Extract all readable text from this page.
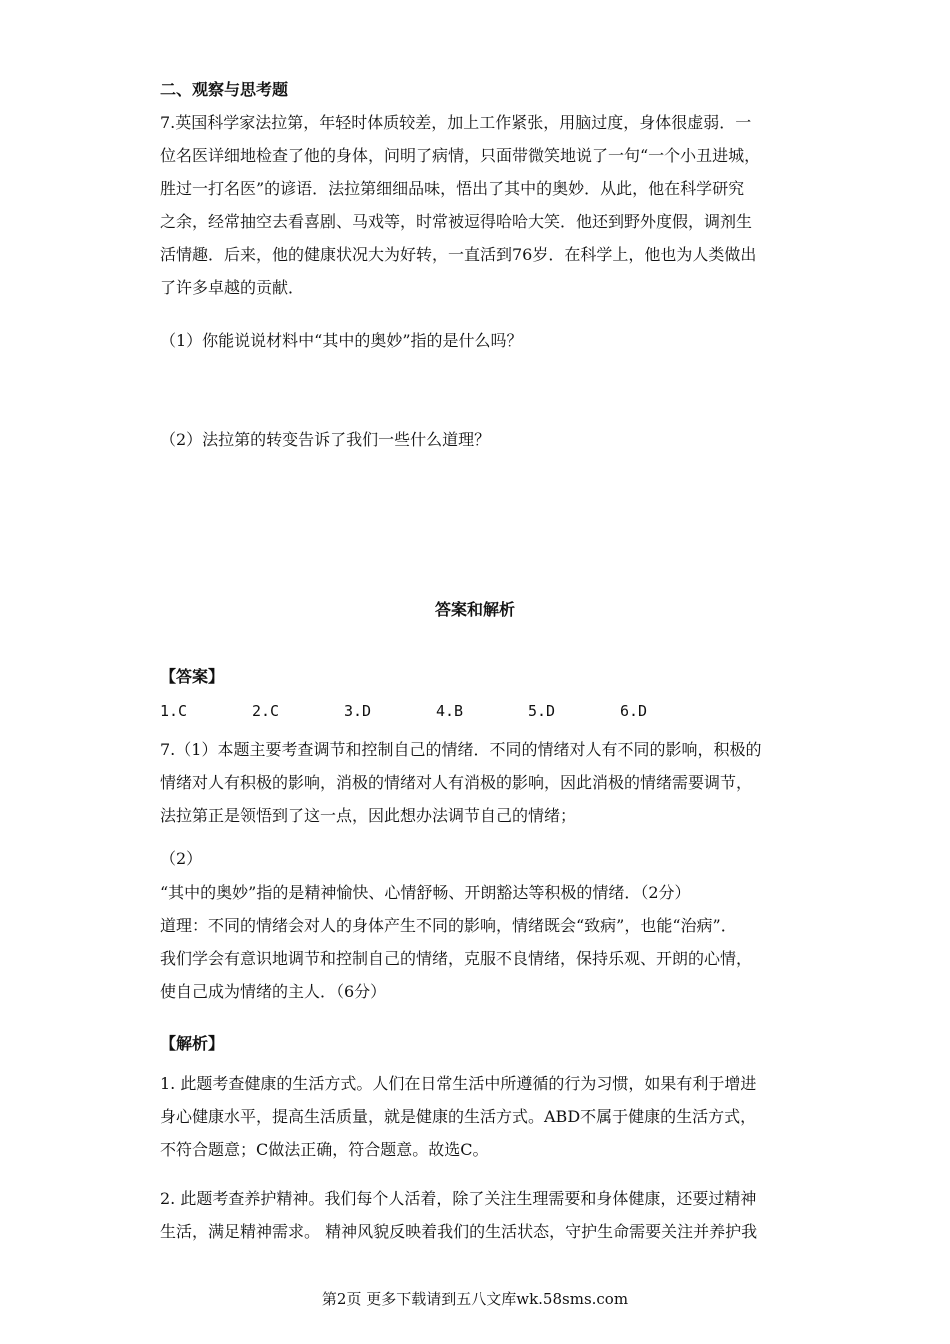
二、观察与思考题

7.英国科学家法拉第，年轻时体质较差，加上工作紧张，用脑过度，身体很虚弱．一

位名医详细地检查了他的身体，问明了病情，只面带微笑地说了一句“一个小丑进城，

胜过一打名医”的谚语．法拉第细细品味，悟出了其中的奥妙．从此，他在科学研究

之余，经常抽空去看喜剧、马戏等，时常被逗得哈哈大笑．他还到野外度假，调剂生

活情趣．后来，他的健康状况大为好转，一直活到76岁．在科学上，他也为人类做出

了许多卓越的贡献．

（1）你能说说材料中“其中的奥妙”指的是什么吗？
（2）法拉第的转变告诉了我们一些什么道理？
答案和解析
【答案】
1.C	2.C	3.D	4.B	5.D	6.D

7.（1）本题主要考查调节和控制自己的情绪．不同的情绪对人有不同的影响，积极的

情绪对人有积极的影响，消极的情绪对人有消极的影响，因此消极的情绪需要调节，

法拉第正是领悟到了这一点，因此想办法调节自己的情绪；

（2）

“其中的奥妙”指的是精神愉快、心情舒畅、开朗豁达等积极的情绪．（2分）

道理：不同的情绪会对人的身体产生不同的影响，情绪既会“致病”，也能“治病”．

我们学会有意识地调节和控制自己的情绪，克服不良情绪，保持乐观、开朗的心情，

使自己成为情绪的主人．（6分）

【解析】

1. 此题考查健康的生活方式。人们在日常生活中所遵循的行为习惯，如果有利于增进

身心健康水平，提高生活质量，就是健康的生活方式。ABD不属于健康的生活方式，

不符合题意；C做法正确，符合题意。故选C。

2. 此题考查养护精神。我们每个人活着，除了关注生理需要和身体健康，还要过精神

生活，满足精神需求。 精神风貌反映着我们的生活状态，守护生命需要关注并养护我

第2页 更多下载请到五八文库wk.58sms.com
